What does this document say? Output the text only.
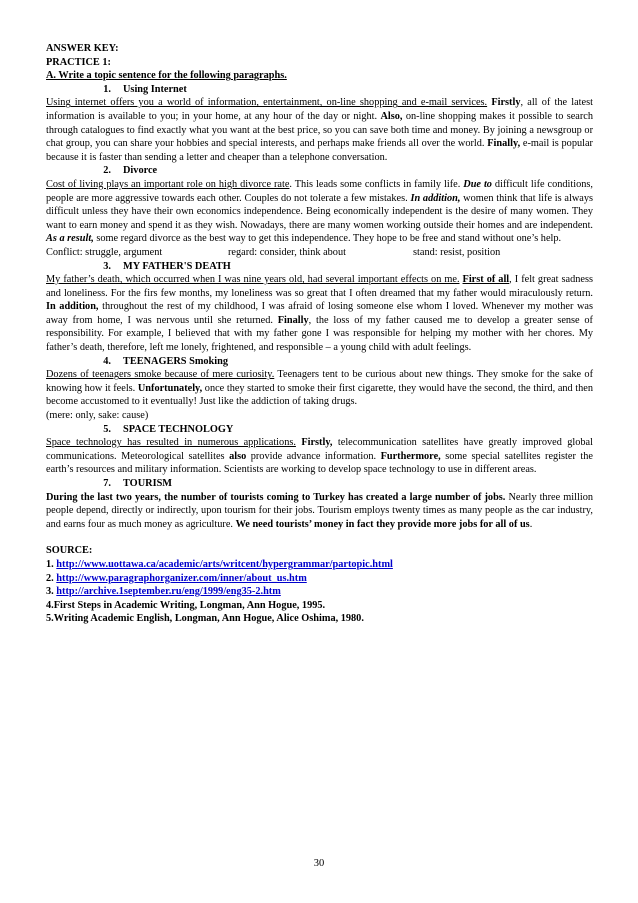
ANSWER KEY:

PRACTICE 1:

A. Write a topic sentence for the following paragraphs.

1.	Using Internet

Using internet offers you a world of information, entertainment, on-line shopping and e-mail services. Firstly, all of the latest information is available to you; in your home, at any hour of the day or night. Also, on-line shopping makes it possible to search through catalogues to find exactly what you want at the best price, so you can save both time and money. By joining a newsgroup or chat group, you can share your hobbies and special interests, and perhaps make friends all over the world. Finally, e-mail is popular because it is faster than sending a letter and cheaper than a telephone conversation.

2.	Divorce

Cost of living plays an important role on high divorce rate. This leads some conflicts in family life. Due to difficult life conditions, people are more aggressive towards each other. Couples do not tolerate a few mistakes. In addition, women think that life is always difficult unless they have their own economics independence. Being economically independent is the desire of many women. They want to earn money and spend it as they wish. Nowadays, there are many women working outside their homes and are independent. As a result, some regard divorce as the best way to get this independence. They hope to be free and stand without one’s help.

Conflict: struggle, argument	regard: consider, think about	stand: resist, position
3.	MY FATHER'S DEATH

My father’s death, which occurred when I was nine years old, had several important effects on me. First of all, I felt great sadness and loneliness. For the firs few months, my loneliness was so great that I often dreamed that my father would miraculously return. In addition, throughout the rest of my childhood, I was afraid of losing someone else whom I loved. Whenever my mother was away from home, I was nervous until she returned. Finally, the loss of my father caused me to develop a greater sense of responsibility. For example, I believed that with my father gone I was responsible for helping my mother with her chores. My father’s death, therefore, left me lonely, frightened, and responsible – a young child with adult feelings.

4.	TEENAGERS Smoking

Dozens of teenagers smoke because of mere curiosity. Teenagers tent to be curious about new things. They smoke for the sake of knowing how it feels. Unfortunately, once they started to smoke their first cigarette, they would have the second, the third, and then become accustomed to it eventually! Just like the addiction of taking drugs.

(mere: only, sake: cause)

5.	SPACE TECHNOLOGY

Space technology has resulted in numerous applications. Firstly, telecommunication satellites have greatly improved global communications. Meteorological satellites also provide advance information. Furthermore, some special satellites register the earth’s resources and military information. Scientists are working to develop space technology to use in different areas.

7.	TOURISM

During the last two years, the number of tourists coming to Turkey has created a large number of jobs. Nearly three million people depend, directly or indirectly, upon tourism for their jobs. Tourism employs twenty times as many people as the car industry, and earns four as much money as agriculture. We need tourists’ money in fact they provide more jobs for all of us.

SOURCE:

1. http://www.uottawa.ca/academic/arts/writcent/hypergrammar/partopic.html

2. http://www.paragraphorganizer.com/inner/about_us.htm

3. http://archive.1september.ru/eng/1999/eng35-2.htm

4.First Steps in Academic Writing, Longman, Ann Hogue, 1995.

5.Writing Academic English, Longman, Ann Hogue, Alice Oshima, 1980.

30
